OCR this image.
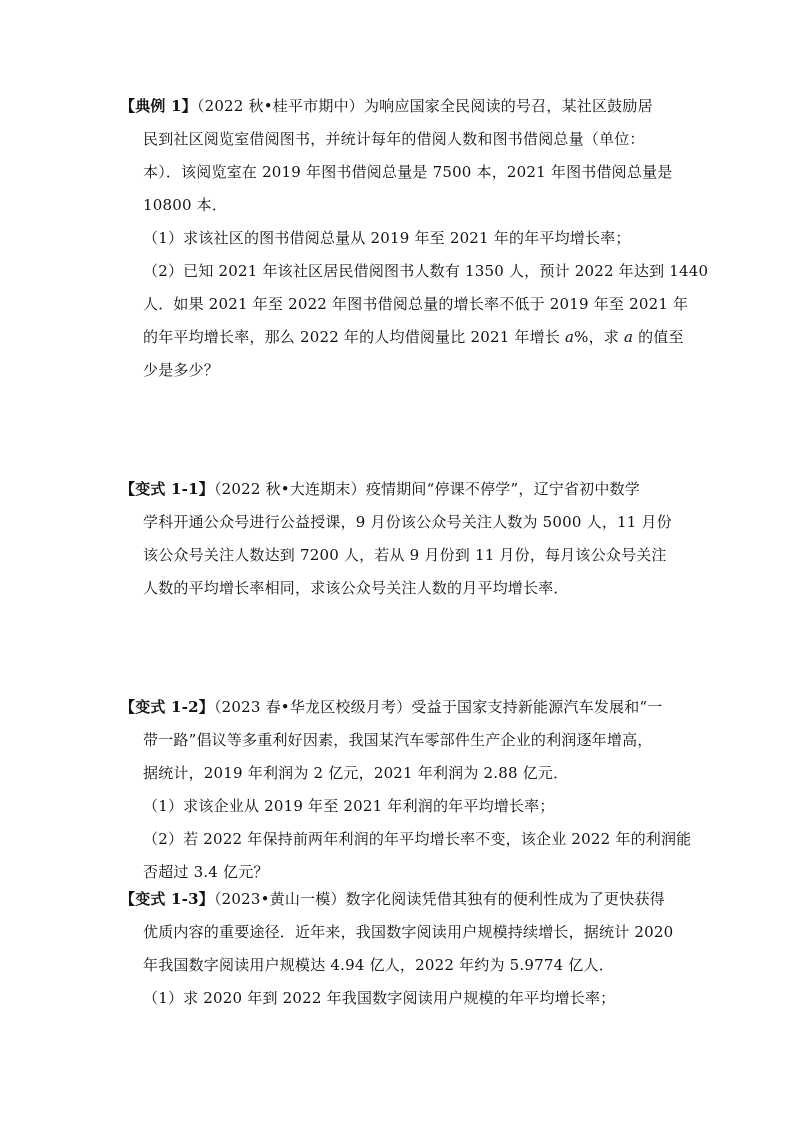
【典例 1】（2022 秋•桂平市期中）为响应国家全民阅读的号召，某社区鼓励居
民到社区阅览室借阅图书，并统计每年的借阅人数和图书借阅总量（单位：
本）．该阅览室在 2019 年图书借阅总量是 7500 本，2021 年图书借阅总量是
10800 本．
（1）求该社区的图书借阅总量从 2019 年至 2021 年的年平均增长率；
（2）已知 2021 年该社区居民借阅图书人数有 1350 人，预计 2022 年达到 1440
人．如果 2021 年至 2022 年图书借阅总量的增长率不低于 2019 年至 2021 年
的年平均增长率，那么 2022 年的人均借阅量比 2021 年增长 a%，求 a 的值至
少是多少？
【变式 1-1】（2022 秋•大连期末）疫情期间“停课不停学”，辽宁省初中数学
学科开通公众号进行公益授课，9 月份该公众号关注人数为 5000 人，11 月份
该公众号关注人数达到 7200 人，若从 9 月份到 11 月份，每月该公众号关注
人数的平均增长率相同，求该公众号关注人数的月平均增长率．
【变式 1-2】（2023 春•华龙区校级月考）受益于国家支持新能源汽车发展和“一
带一路”倡议等多重利好因素，我国某汽车零部件生产企业的利润逐年增高，
据统计，2019 年利润为 2 亿元，2021 年利润为 2.88 亿元．
（1）求该企业从 2019 年至 2021 年利润的年平均增长率；
（2）若 2022 年保持前两年利润的年平均增长率不变，该企业 2022 年的利润能
否超过 3.4 亿元？
【变式 1-3】（2023•黄山一模）数字化阅读凭借其独有的便利性成为了更快获得
优质内容的重要途径．近年来，我国数字阅读用户规模持续增长，据统计 2020
年我国数字阅读用户规模达 4.94 亿人，2022 年约为 5.9774 亿人．
（1）求 2020 年到 2022 年我国数字阅读用户规模的年平均增长率；
